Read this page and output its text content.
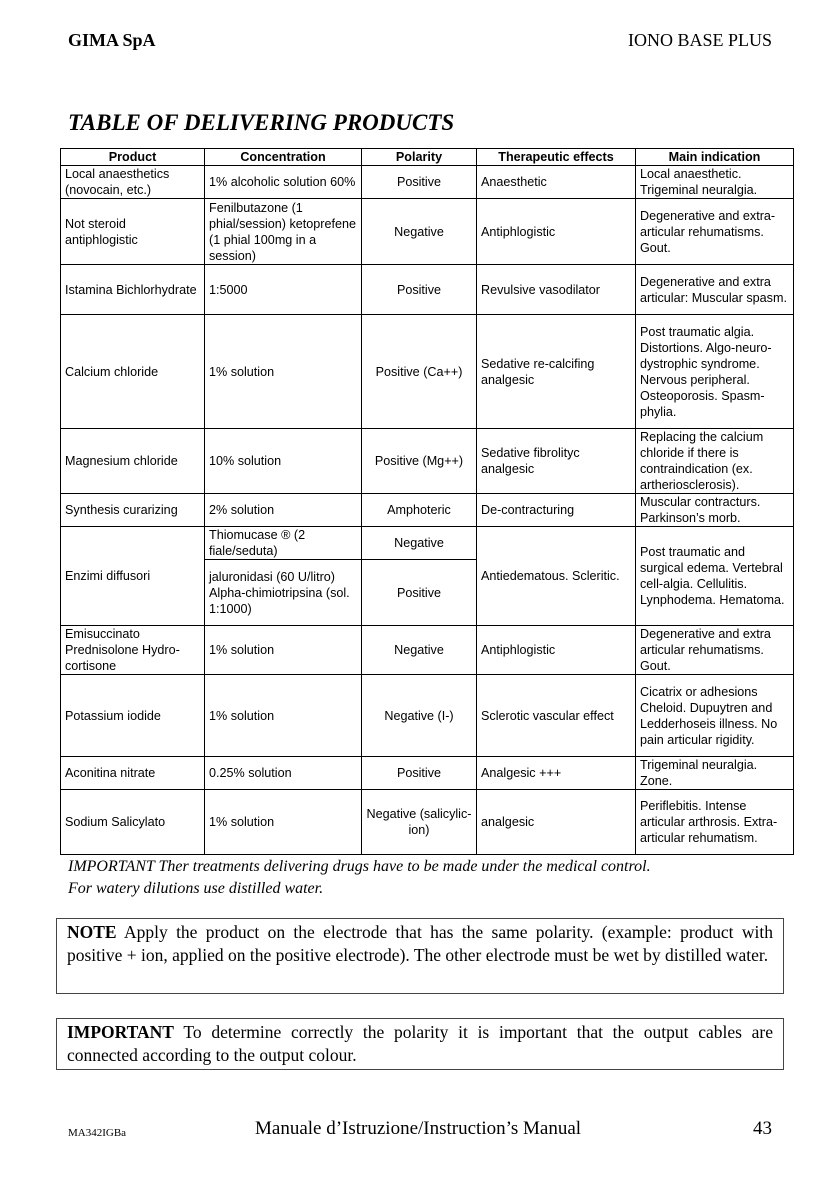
GIMA SpA	IONO BASE PLUS
TABLE OF DELIVERING PRODUCTS
Product	Concentration	Polarity	Therapeutic effects	Main indication
Local anaesthetics (novocain, etc.)	1% alcoholic solution 60%	Positive	Anaesthetic	Local anaesthetic. Trigeminal neuralgia.
Not steroid antiphlogistic	Fenilbutazone (1 phial/session) ketoprefene (1 phial 100mg in a session)	Negative	Antiphlogistic	Degenerative and extra-articular rehumatisms. Gout.
Istamina Bichlorhydrate	1:5000	Positive	Revulsive vasodilator	Degenerative and extra articular: Muscular spasm.
Calcium chloride	1% solution	Positive (Ca++)	Sedative re-calcifing analgesic	Post traumatic algia. Distortions. Algo-neuro-dystrophic syndrome. Nervous peripheral. Osteoporosis. Spasm-phylia.
Magnesium chloride	10% solution	Positive (Mg++)	Sedative fibrolityc analgesic	Replacing the calcium chloride if there is contraindication (ex. artheriosclerosis).
Synthesis curarizing	2% solution	Amphoteric	De-contracturing	Muscular contracturs. Parkinson’s morb.
Enzimi diffusori	Thiomucase ® (2 fiale/seduta)	Negative	Antiedematous. Scleritic.	Post traumatic and surgical edema. Vertebral cell-algia. Cellulitis. Lynphodema. Hematoma.
	jaluronidasi (60 U/litro) Alpha-chimiotripsina (sol. 1:1000)	Positive		
Emisuccinato Prednisolone Hydro-cortisone	1% solution	Negative	Antiphlogistic	Degenerative and extra articular rehumatisms. Gout.
Potassium iodide	1% solution	Negative (I-)	Sclerotic vascular effect	Cicatrix or adhesions Cheloid. Dupuytren and Ledderhoseis illness. No pain articular rigidity.
Aconitina nitrate	0.25% solution	Positive	Analgesic +++	Trigeminal neuralgia. Zone.
Sodium Salicylato	1% solution	Negative (salicylic- ion)	analgesic	Periflebitis. Intense articular arthrosis. Extra-articular rehumatism.
IMPORTANT Ther treatments delivering drugs have to be made under the medical control.
For watery dilutions use distilled water.
NOTE Apply the product on the electrode that has the same polarity. (example: product with positive + ion, applied on the positive electrode). The other electrode must be wet by distilled water.
IMPORTANT To determine correctly the polarity it is important that the output cables are connected according to the output colour.
MA342IGBa	Manuale d’Istruzione/Instruction’s Manual	43
